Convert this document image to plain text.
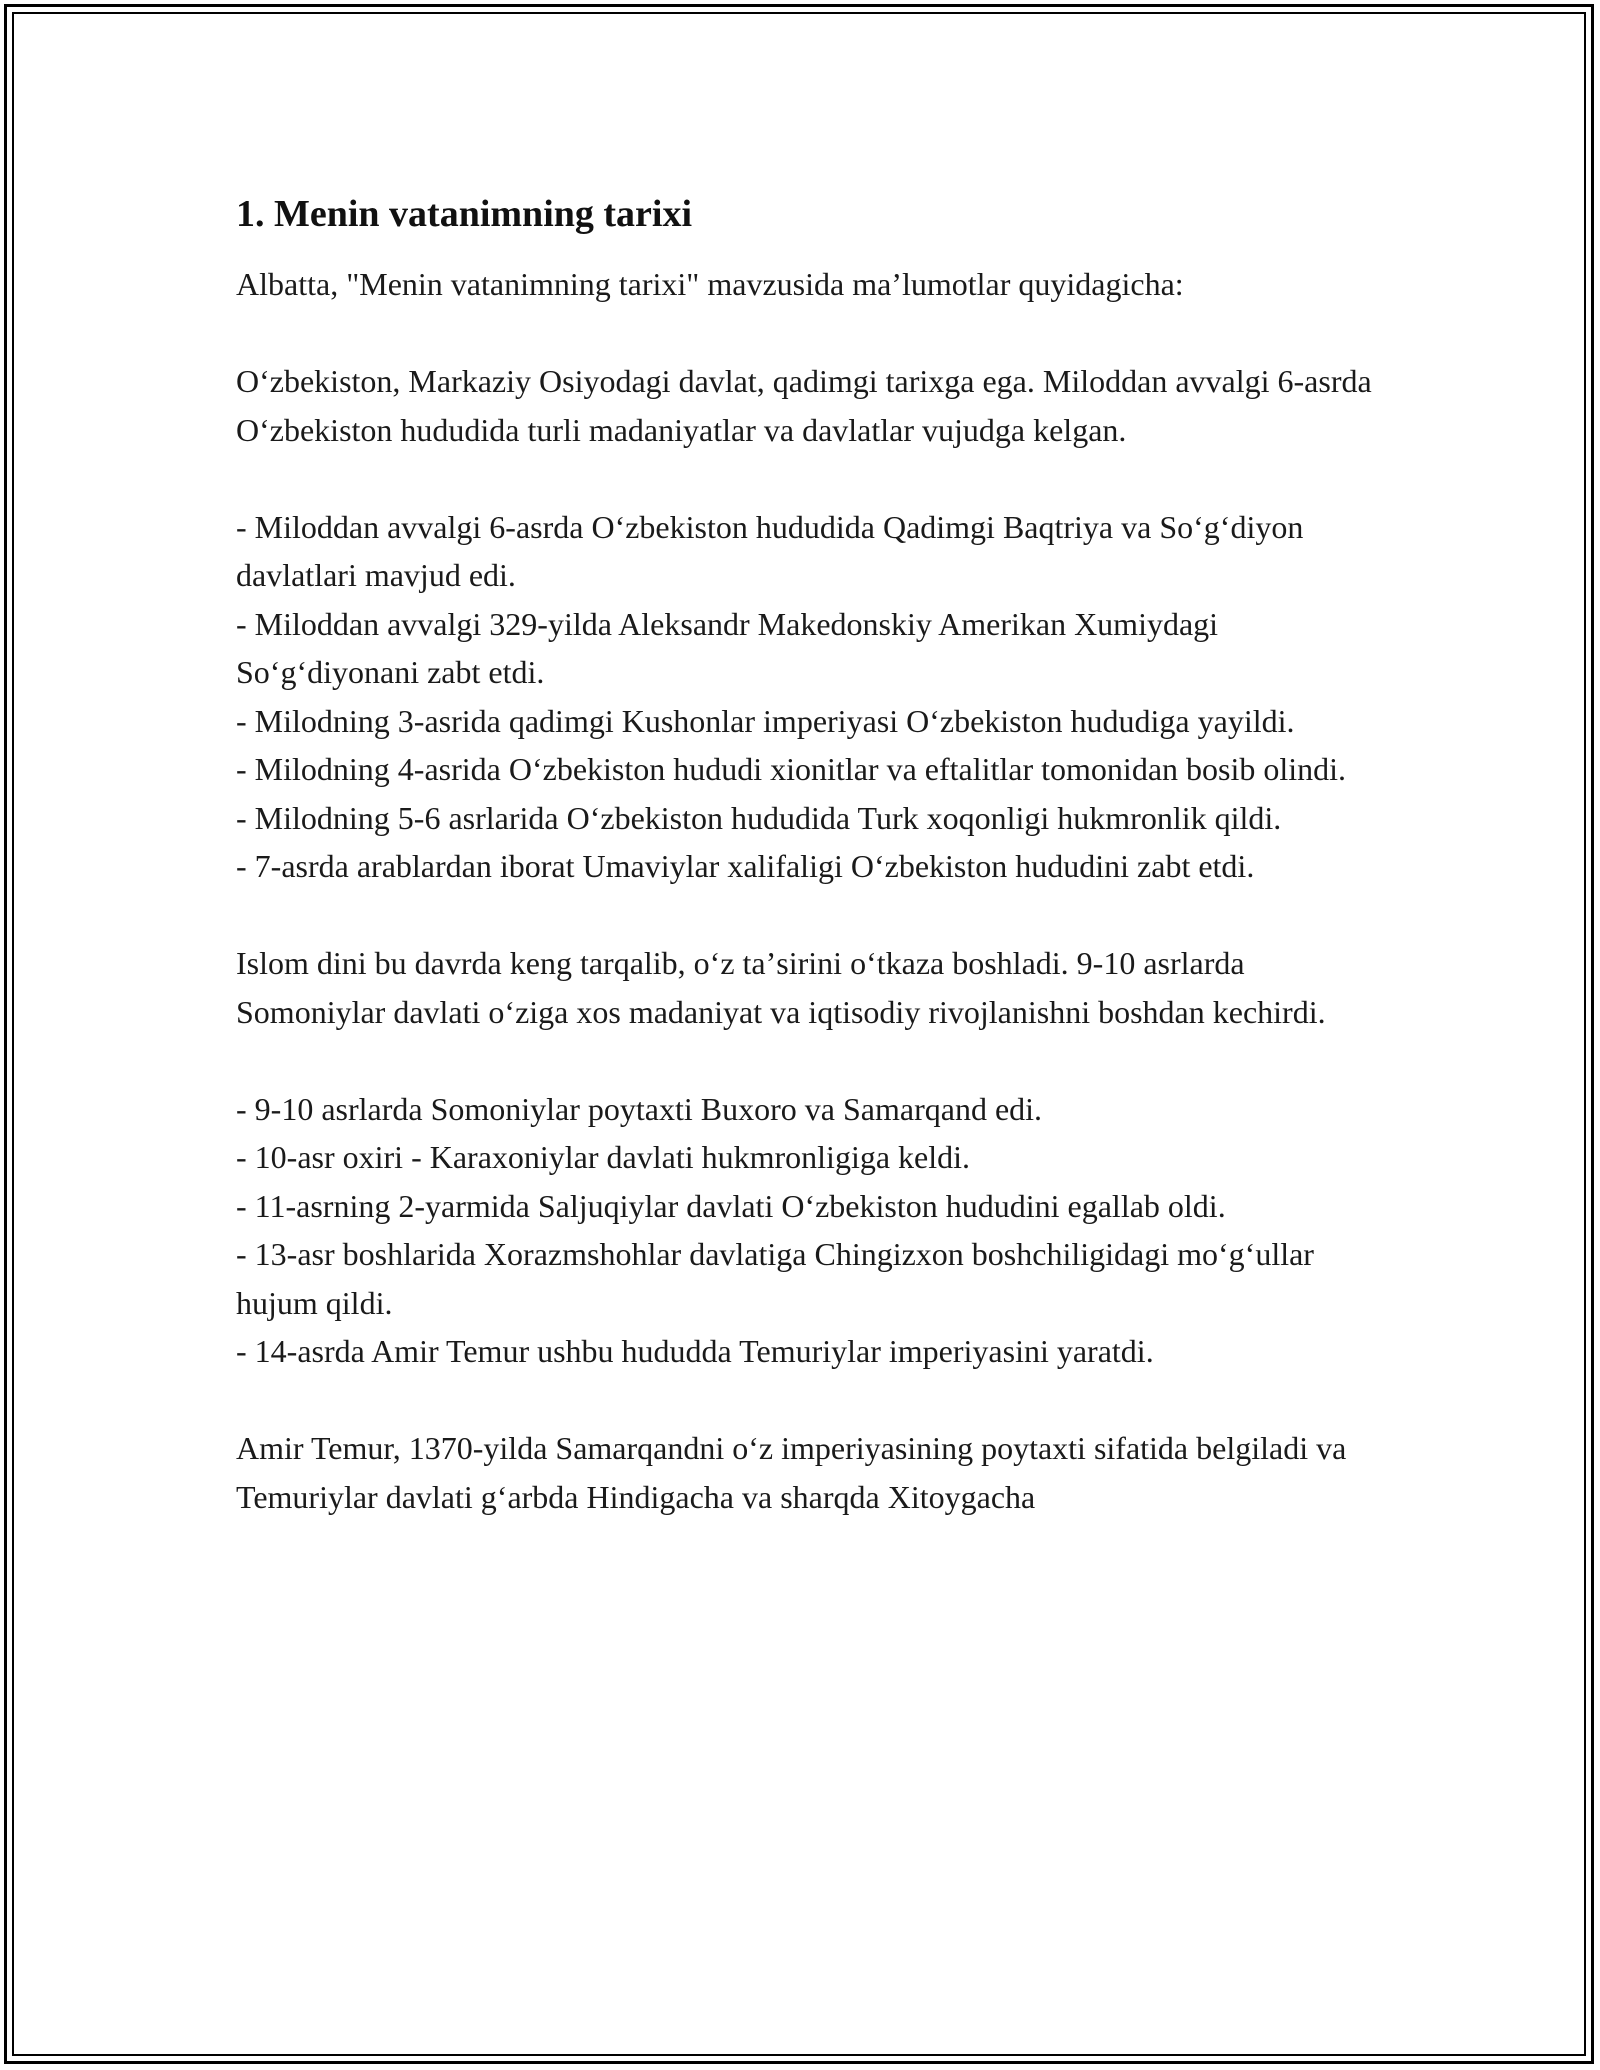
1. Menin vatanimning tarixi

Albatta, "Menin vatanimning tarixi" mavzusida maʼlumotlar quyidagicha:

Oʻzbekiston, Markaziy Osiyodagi davlat, qadimgi tarixga ega. Miloddan avvalgi 6-asrda Oʻzbekiston hududida turli madaniyatlar va davlatlar vujudga kelgan.

- Miloddan avvalgi 6-asrda Oʻzbekiston hududida Qadimgi Baqtriya va Soʻgʻdiyon davlatlari mavjud edi.

- Miloddan avvalgi 329-yilda Aleksandr Makedonskiy Amerikan Xumiydagi Soʻgʻdiyonani zabt etdi.

- Milodning 3-asrida qadimgi Kushonlar imperiyasi Oʻzbekiston hududiga yayildi.

- Milodning 4-asrida Oʻzbekiston hududi xionitlar va eftalitlar tomonidan bosib olindi.

- Milodning 5-6 asrlarida Oʻzbekiston hududida Turk xoqonligi hukmronlik qildi.

- 7-asrda arablardan iborat Umaviylar xalifaligi Oʻzbekiston hududini zabt etdi.

Islom dini bu davrda keng tarqalib, oʻz taʼsirini oʻtkaza boshladi. 9-10 asrlarda Somoniylar davlati oʻziga xos madaniyat va iqtisodiy rivojlanishni boshdan kechirdi.

- 9-10 asrlarda Somoniylar poytaxti Buxoro va Samarqand edi.

- 10-asr oxiri - Karaxoniylar davlati hukmronligiga keldi.

- 11-asrning 2-yarmida Saljuqiylar davlati Oʻzbekiston hududini egallab oldi.

- 13-asr boshlarida Xorazmshohlar davlatiga Chingizxon boshchiligidagi moʻgʻullar hujum qildi.

- 14-asrda Amir Temur ushbu hududda Temuriylar imperiyasini yaratdi.

Amir Temur, 1370-yilda Samarqandni oʻz imperiyasining poytaxti sifatida belgiladi va Temuriylar davlati gʻarbda Hindigacha va sharqda Xitoygacha
